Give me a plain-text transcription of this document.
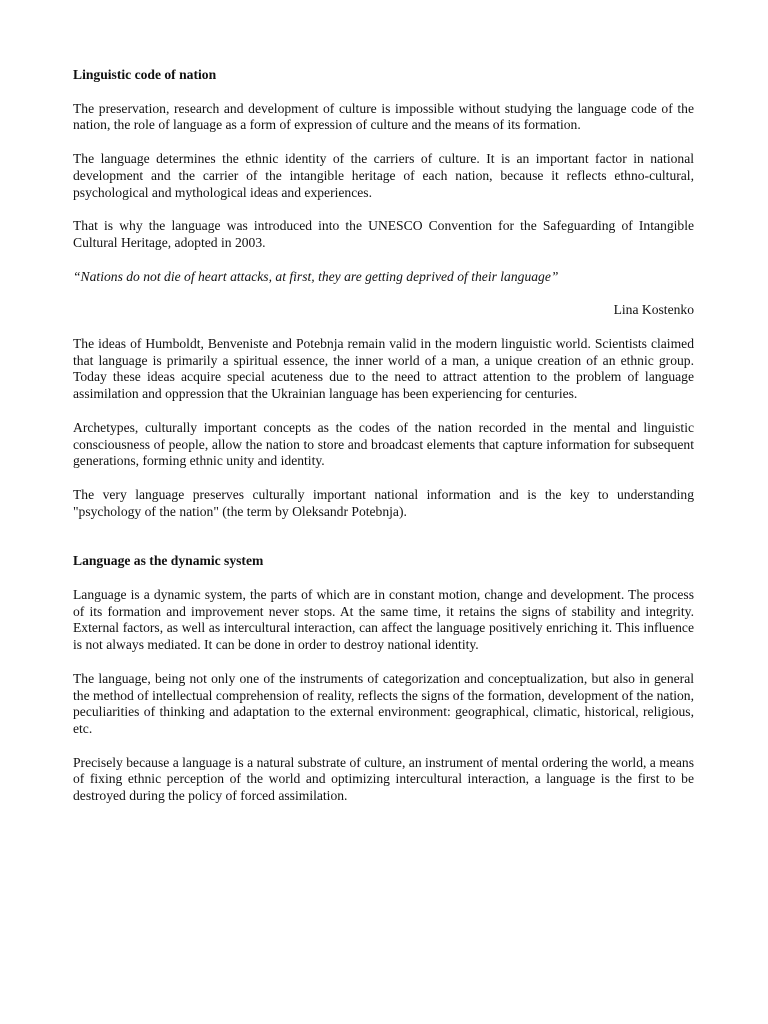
Linguistic code of nation

The preservation, research and development of culture is impossible without studying the language code of the nation, the role of language as a form of expression of culture and the means of its formation.

The language determines the ethnic identity of the carriers of culture. It is an important factor in national development and the carrier of the intangible heritage of each nation, because it reflects ethno-cultural, psychological and mythological ideas and experiences.

That is why the language was introduced into the UNESCO Convention for the Safeguarding of Intangible Cultural Heritage, adopted in 2003.

“Nations do not die of heart attacks, at first, they are getting deprived of their language”

Lina Kostenko

The ideas of Humboldt, Benveniste and Potebnja remain valid in the modern linguistic world. Scientists claimed that language is primarily a spiritual essence, the inner world of a man, a unique creation of an ethnic group. Today these ideas acquire special acuteness due to the need to attract attention to the problem of language assimilation and oppression that the Ukrainian language has been experiencing for centuries.

Archetypes, culturally important concepts as the codes of the nation recorded in the mental and linguistic consciousness of people, allow the nation to store and broadcast elements that capture information for subsequent generations, forming ethnic unity and identity.

The very language preserves culturally important national information and is the key to understanding "psychology of the nation" (the term by Oleksandr Potebnja).

Language as the dynamic system

Language is a dynamic system, the parts of which are in constant motion, change and development. The process of its formation and improvement never stops. At the same time, it retains the signs of stability and integrity. External factors, as well as intercultural interaction, can affect the language positively enriching it. This influence is not always mediated. It can be done in order to destroy national identity.

The language, being not only one of the instruments of categorization and conceptualization, but also in general the method of intellectual comprehension of reality, reflects the signs of the formation, development of the nation, peculiarities of thinking and adaptation to the external environment: geographical, climatic, historical, religious, etc.

Precisely because a language is a natural substrate of culture, an instrument of mental ordering the world, a means of fixing ethnic perception of the world and optimizing intercultural interaction, a language is the first to be destroyed during the policy of forced assimilation.
